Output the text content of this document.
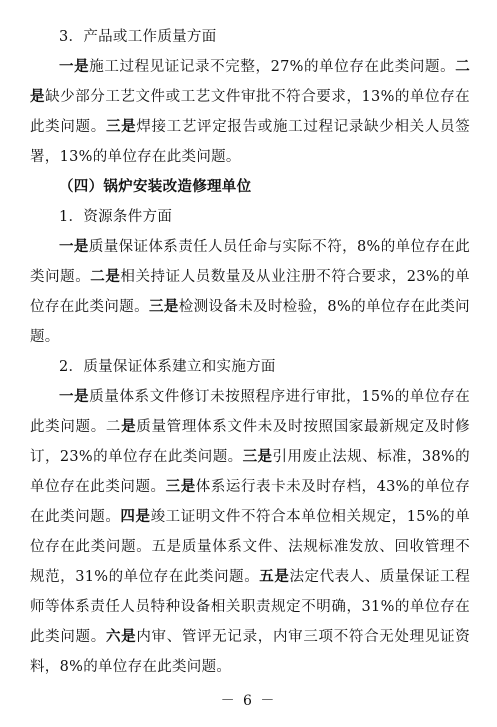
3．产品或工作质量方面

一是施工过程见证记录不完整，27%的单位存在此类问题。二是缺少部分工艺文件或工艺文件审批不符合要求，13%的单位存在此类问题。三是焊接工艺评定报告或施工过程记录缺少相关人员签署，13%的单位存在此类问题。

（四）锅炉安装改造修理单位

1．资源条件方面

一是质量保证体系责任人员任命与实际不符，8%的单位存在此类问题。二是相关持证人员数量及从业注册不符合要求，23%的单位存在此类问题。三是检测设备未及时检验，8%的单位存在此类问题。

2．质量保证体系建立和实施方面

一是质量体系文件修订未按照程序进行审批，15%的单位存在此类问题。二是质量管理体系文件未及时按照国家最新规定及时修订，23%的单位存在此类问题。三是引用废止法规、标准，38%的单位存在此类问题。三是体系运行表卡未及时存档，43%的单位存在此类问题。四是竣工证明文件不符合本单位相关规定，15%的单位存在此类问题。五是质量体系文件、法规标准发放、回收管理不规范，31%的单位存在此类问题。五是法定代表人、质量保证工程师等体系责任人员特种设备相关职责规定不明确，31%的单位存在此类问题。六是内审、管评无记录，内审三项不符合无处理见证资料，8%的单位存在此类问题。

－ 6 －
